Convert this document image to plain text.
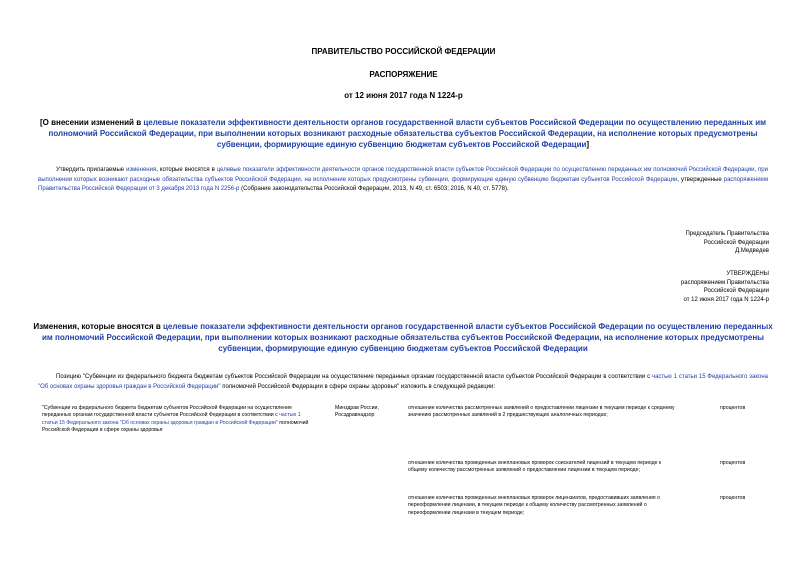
ПРАВИТЕЛЬСТВО РОССИЙСКОЙ ФЕДЕРАЦИИ
РАСПОРЯЖЕНИЕ
от 12 июня 2017 года N 1224-р
[О внесении изменений в целевые показатели эффективности деятельности органов государственной власти субъектов Российской Федерации по осуществлению переданных им полномочий Российской Федерации, при выполнении которых возникают расходные обязательства субъектов Российской Федерации, на исполнение которых предусмотрены субвенции, формирующие единую субвенцию бюджетам субъектов Российской Федерации]
Утвердить прилагаемые изменения, которые вносятся в целевые показатели эффективности деятельности органов государственной власти субъектов Российской Федерации по осуществлению переданных им полномочий Российской Федерации, при выполнении которых возникают расходные обязательства субъектов Российской Федерации, на исполнение которых предусмотрены субвенции, формирующие единую субвенцию бюджетам субъектов Российской Федерации, утвержденные распоряжением Правительства Российской Федерации от 3 декабря 2013 года N 2256-р (Собрание законодательства Российской Федерации, 2013, N 49, ст. 6503; 2016, N 40, ст. 5778).
Председатель Правительства
Российской Федерации
Д.Медведев
УТВЕРЖДЕНЫ
распоряжением Правительства
Российской Федерации
от 12 июня 2017 года N 1224-р
Изменения, которые вносятся в целевые показатели эффективности деятельности органов государственной власти субъектов Российской Федерации по осуществлению переданных им полномочий Российской Федерации, при выполнении которых возникают расходные обязательства субъектов Российской Федерации, на исполнение которых предусмотрены субвенции, формирующие единую субвенцию бюджетам субъектов Российской Федерации
Позицию "Субвенции из федерального бюджета бюджетам субъектов Российской Федерации на осуществление переданных органам государственной власти субъектов Российской Федерации в соответствии с частью 1 статьи 15 Федерального закона "Об основах охраны здоровья граждан в Российской Федерации" полномочий Российской Федерации в сфере охраны здоровья" изложить в следующей редакции:
"Субвенции из федерального бюджета бюджетам субъектов Российской Федерации на осуществление переданных органам государственной власти субъектов Российской Федерации в соответствии с частью 1 статьи 15 Федерального закона "Об основах охраны здоровья граждан в Российской Федерации" полномочий Российской Федерации в сфере охраны здоровья
Минздрав России, Росздравнадзор
отношение количества рассмотренных заявлений о предоставлении лицензии в текущем периоде к среднему значению рассмотренных заявлений в 2 предшествующих аналогичных периодах;
процентов
отношение количества проведенных внеплановых проверок соискателей лицензий в текущем периоде к общему количеству рассмотренных заявлений о предоставлении лицензии в текущем периоде;
процентов
отношение количества проведенных внеплановых проверок лицензиатов, предоставивших заявления о переоформлении лицензии, в текущем периоде к общему количеству рассмотренных заявлений о переоформлении лицензии в текущем периоде;
процентов
